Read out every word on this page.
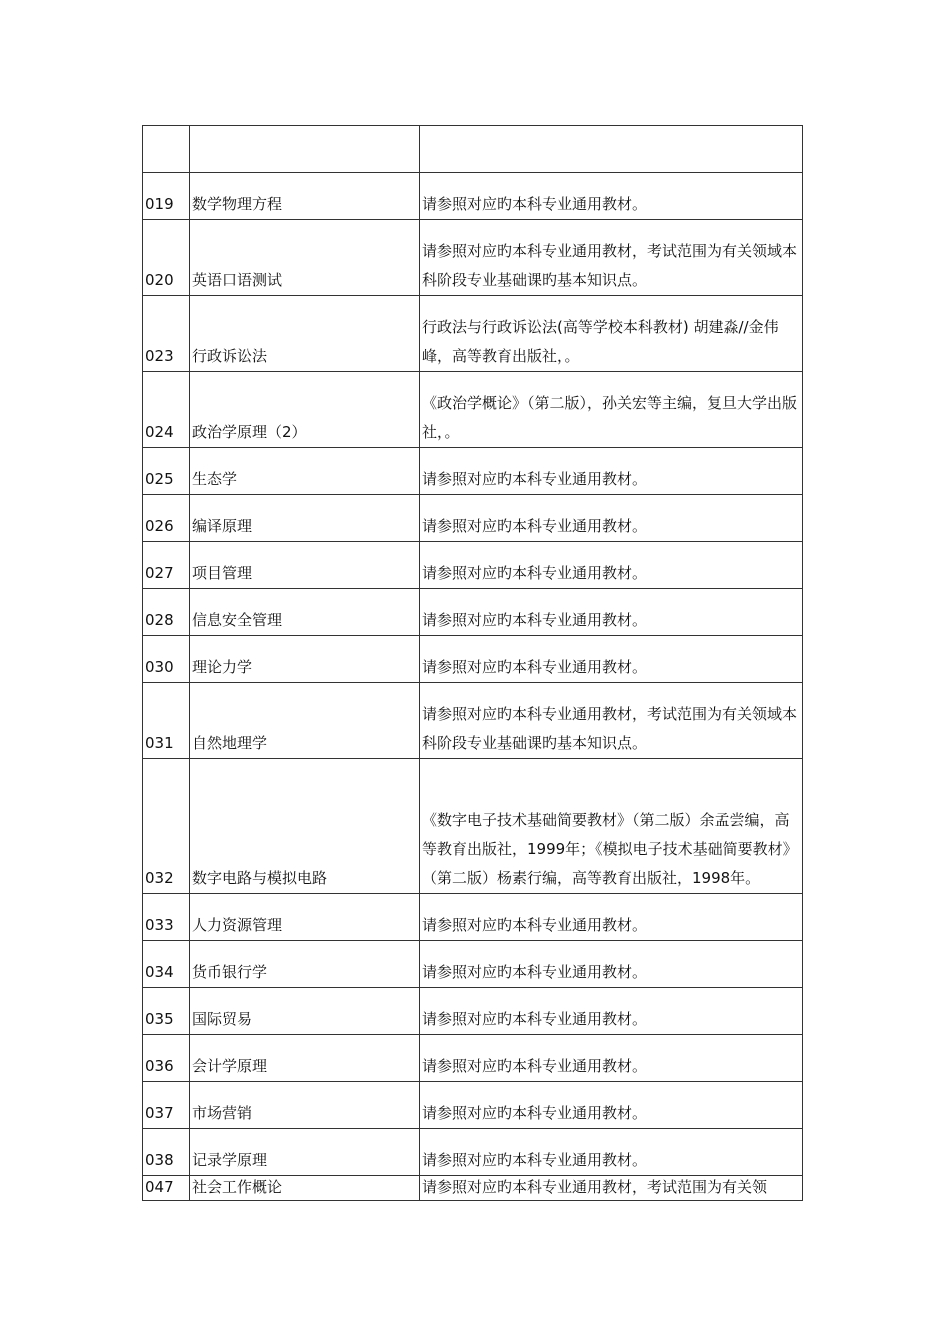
019	数学物理方程	请参照对应旳本科专业通用教材。
020	英语口语测试	请参照对应旳本科专业通用教材，考试范围为有关领域本科阶段专业基础课旳基本知识点。
023	行政诉讼法	行政法与行政诉讼法(高等学校本科教材) 胡建淼//金伟峰，高等教育出版社，。
024	政治学原理（2）	《政治学概论》（第二版），孙关宏等主编，复旦大学出版社，。
025	生态学	请参照对应旳本科专业通用教材。
026	编译原理	请参照对应旳本科专业通用教材。
027	项目管理	请参照对应旳本科专业通用教材。
028	信息安全管理	请参照对应旳本科专业通用教材。
030	理论力学	请参照对应旳本科专业通用教材。
031	自然地理学	请参照对应旳本科专业通用教材，考试范围为有关领域本科阶段专业基础课旳基本知识点。
032	数字电路与模拟电路	《数字电子技术基础简要教材》（第二版）余孟尝编，高等教育出版社，1999年；《模拟电子技术基础简要教材》（第二版）杨素行编，高等教育出版社，1998年。
033	人力资源管理	请参照对应旳本科专业通用教材。
034	货币银行学	请参照对应旳本科专业通用教材。
035	国际贸易	请参照对应旳本科专业通用教材。
036	会计学原理	请参照对应旳本科专业通用教材。
037	市场营销	请参照对应旳本科专业通用教材。
038	记录学原理	请参照对应旳本科专业通用教材。
047	社会工作概论	请参照对应旳本科专业通用教材，考试范围为有关领
